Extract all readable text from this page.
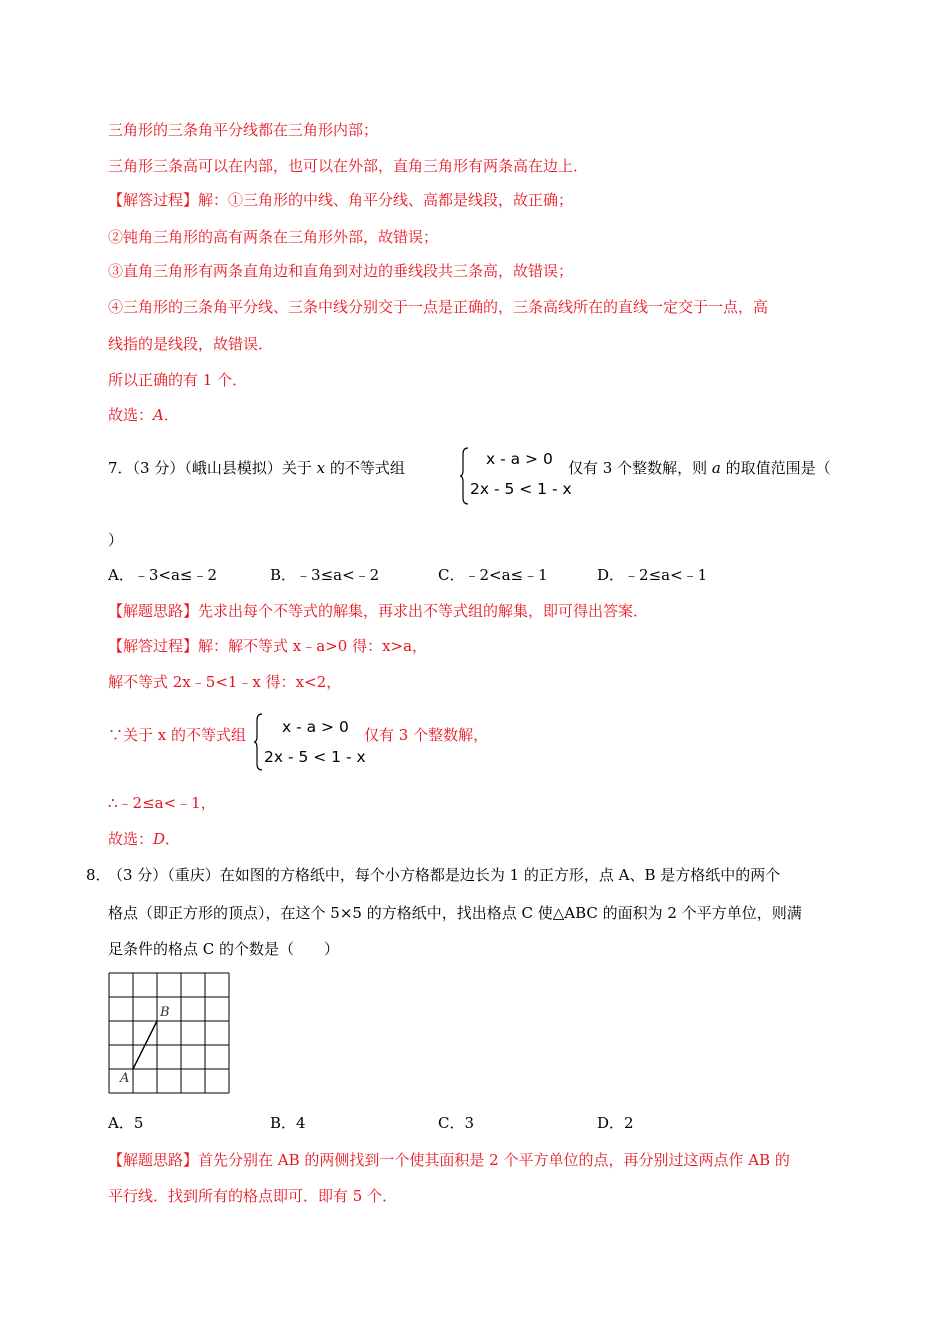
三角形的三条角平分线都在三角形内部；
三角形三条高可以在内部，也可以在外部，直角三角形有两条高在边上．
【解答过程】解：①三角形的中线、角平分线、高都是线段，故正确；
②钝角三角形的高有两条在三角形外部，故错误；
③直角三角形有两条直角边和直角到对边的垂线段共三条高，故错误；
④三角形的三条角平分线、三条中线分别交于一点是正确的，三条高线所在的直线一定交于一点，高
线指的是线段，故错误．
所以正确的有 1 个．
故选：A．
7．（3 分）（峨山县模拟）关于 x 的不等式组	x - a > 0
2x - 5 < 1 - x
仅有 3 个整数解，则 a 的取值范围是（
）
A．﹣3<a≤﹣2	B．﹣3≤a<﹣2	C．﹣2<a≤﹣1	D．﹣2≤a<﹣1
【解题思路】先求出每个不等式的解集，再求出不等式组的解集，即可得出答案．
【解答过程】解：解不等式 x﹣a>0 得：x>a，
解不等式 2x﹣5<1﹣x 得：x<2，
∵关于 x 的不等式组 x - a > 0
2x - 5 < 1 - x
仅有 3 个整数解，
∴﹣2≤a<﹣1，
故选：D．
8．
（3 分）（重庆）在如图的方格纸中，每个小方格都是边长为 1 的正方形，点 A、B 是方格纸中的两个
格点（即正方形的顶点），在这个 5×5 的方格纸中，找出格点 C 使△ABC 的面积为 2 个平方单位，则满
足条件的格点 C 的个数是（　　）
A
B
A．5	B．4	C．3	D．2
【解题思路】首先分别在 AB 的两侧找到一个使其面积是 2 个平方单位的点，再分别过这两点作 AB 的
平行线．找到所有的格点即可．即有 5 个．
